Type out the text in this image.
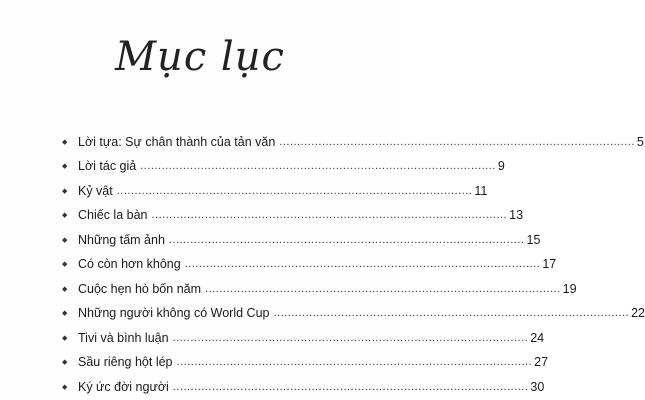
Mục lục
◆ Lời tựa: Sự chân thành của tản văn .................................................................................................... 5
◆ Lời tác giả .................................................................................................... 9
◆ Kỷ vật .................................................................................................... 11
◆ Chiếc la bàn .................................................................................................... 13
◆ Những tấm ảnh .................................................................................................... 15
◆ Có còn hơn không .................................................................................................... 17
◆ Cuộc hẹn hò bốn năm .................................................................................................... 19
◆ Những người không có World Cup .................................................................................................... 22
◆ Tivi và bình luận .................................................................................................... 24
◆ Sầu riêng hột lép .................................................................................................... 27
◆ Ký ức đời người .................................................................................................... 30
